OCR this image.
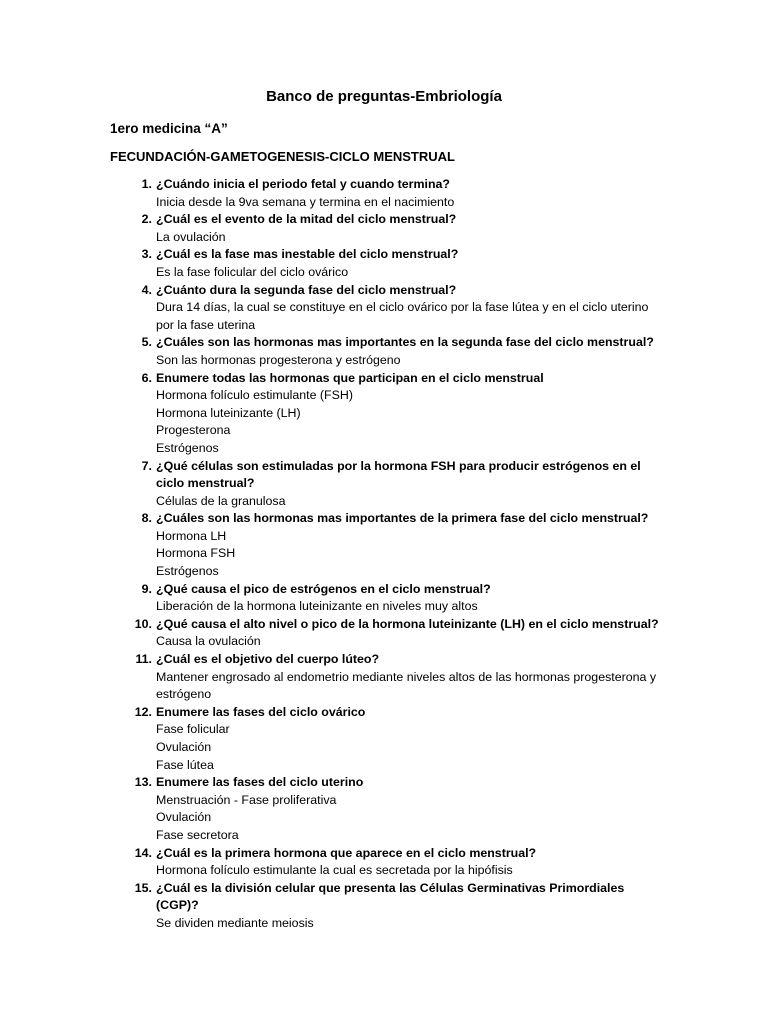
Banco de preguntas-Embriología
1ero medicina “A”
FECUNDACIÓN-GAMETOGENESIS-CICLO MENSTRUAL
1. ¿Cuándo inicia el periodo fetal y cuando termina?
Inicia desde la 9va semana y termina en el nacimiento
2. ¿Cuál es el evento de la mitad del ciclo menstrual?
La ovulación
3. ¿Cuál es la fase mas inestable del ciclo menstrual?
Es la fase folicular del ciclo ovárico
4. ¿Cuánto dura la segunda fase del ciclo menstrual?
Dura 14 días, la cual se constituye en el ciclo ovárico por la fase lútea y en el ciclo uterino por la fase uterina
5. ¿Cuáles son las hormonas mas importantes en la segunda fase del ciclo menstrual?
Son las hormonas progesterona y estrógeno
6. Enumere todas las hormonas que participan en el ciclo menstrual
Hormona folículo estimulante (FSH)
Hormona luteinizante (LH)
Progesterona
Estrógenos
7. ¿Qué células son estimuladas por la hormona FSH para producir estrógenos en el ciclo menstrual?
Células de la granulosa
8. ¿Cuáles son las hormonas mas importantes de la primera fase del ciclo menstrual?
Hormona LH
Hormona FSH
Estrógenos
9. ¿Qué causa el pico de estrógenos en el ciclo menstrual?
Liberación de la hormona luteinizante en niveles muy altos
10. ¿Qué causa el alto nivel o pico de la hormona luteinizante (LH) en el ciclo menstrual?
Causa la ovulación
11. ¿Cuál es el objetivo del cuerpo lúteo?
Mantener engrosado al endometrio mediante niveles altos de las hormonas progesterona y estrógeno
12. Enumere las fases del ciclo ovárico
Fase folicular
Ovulación
Fase lútea
13. Enumere las fases del ciclo uterino
Menstruación - Fase proliferativa
Ovulación
Fase secretora
14. ¿Cuál es la primera hormona que aparece en el ciclo menstrual?
Hormona folículo estimulante la cual es secretada por la hipófisis
15. ¿Cuál es la división celular que presenta las Células Germinativas Primordiales (CGP)?
Se dividen mediante meiosis
